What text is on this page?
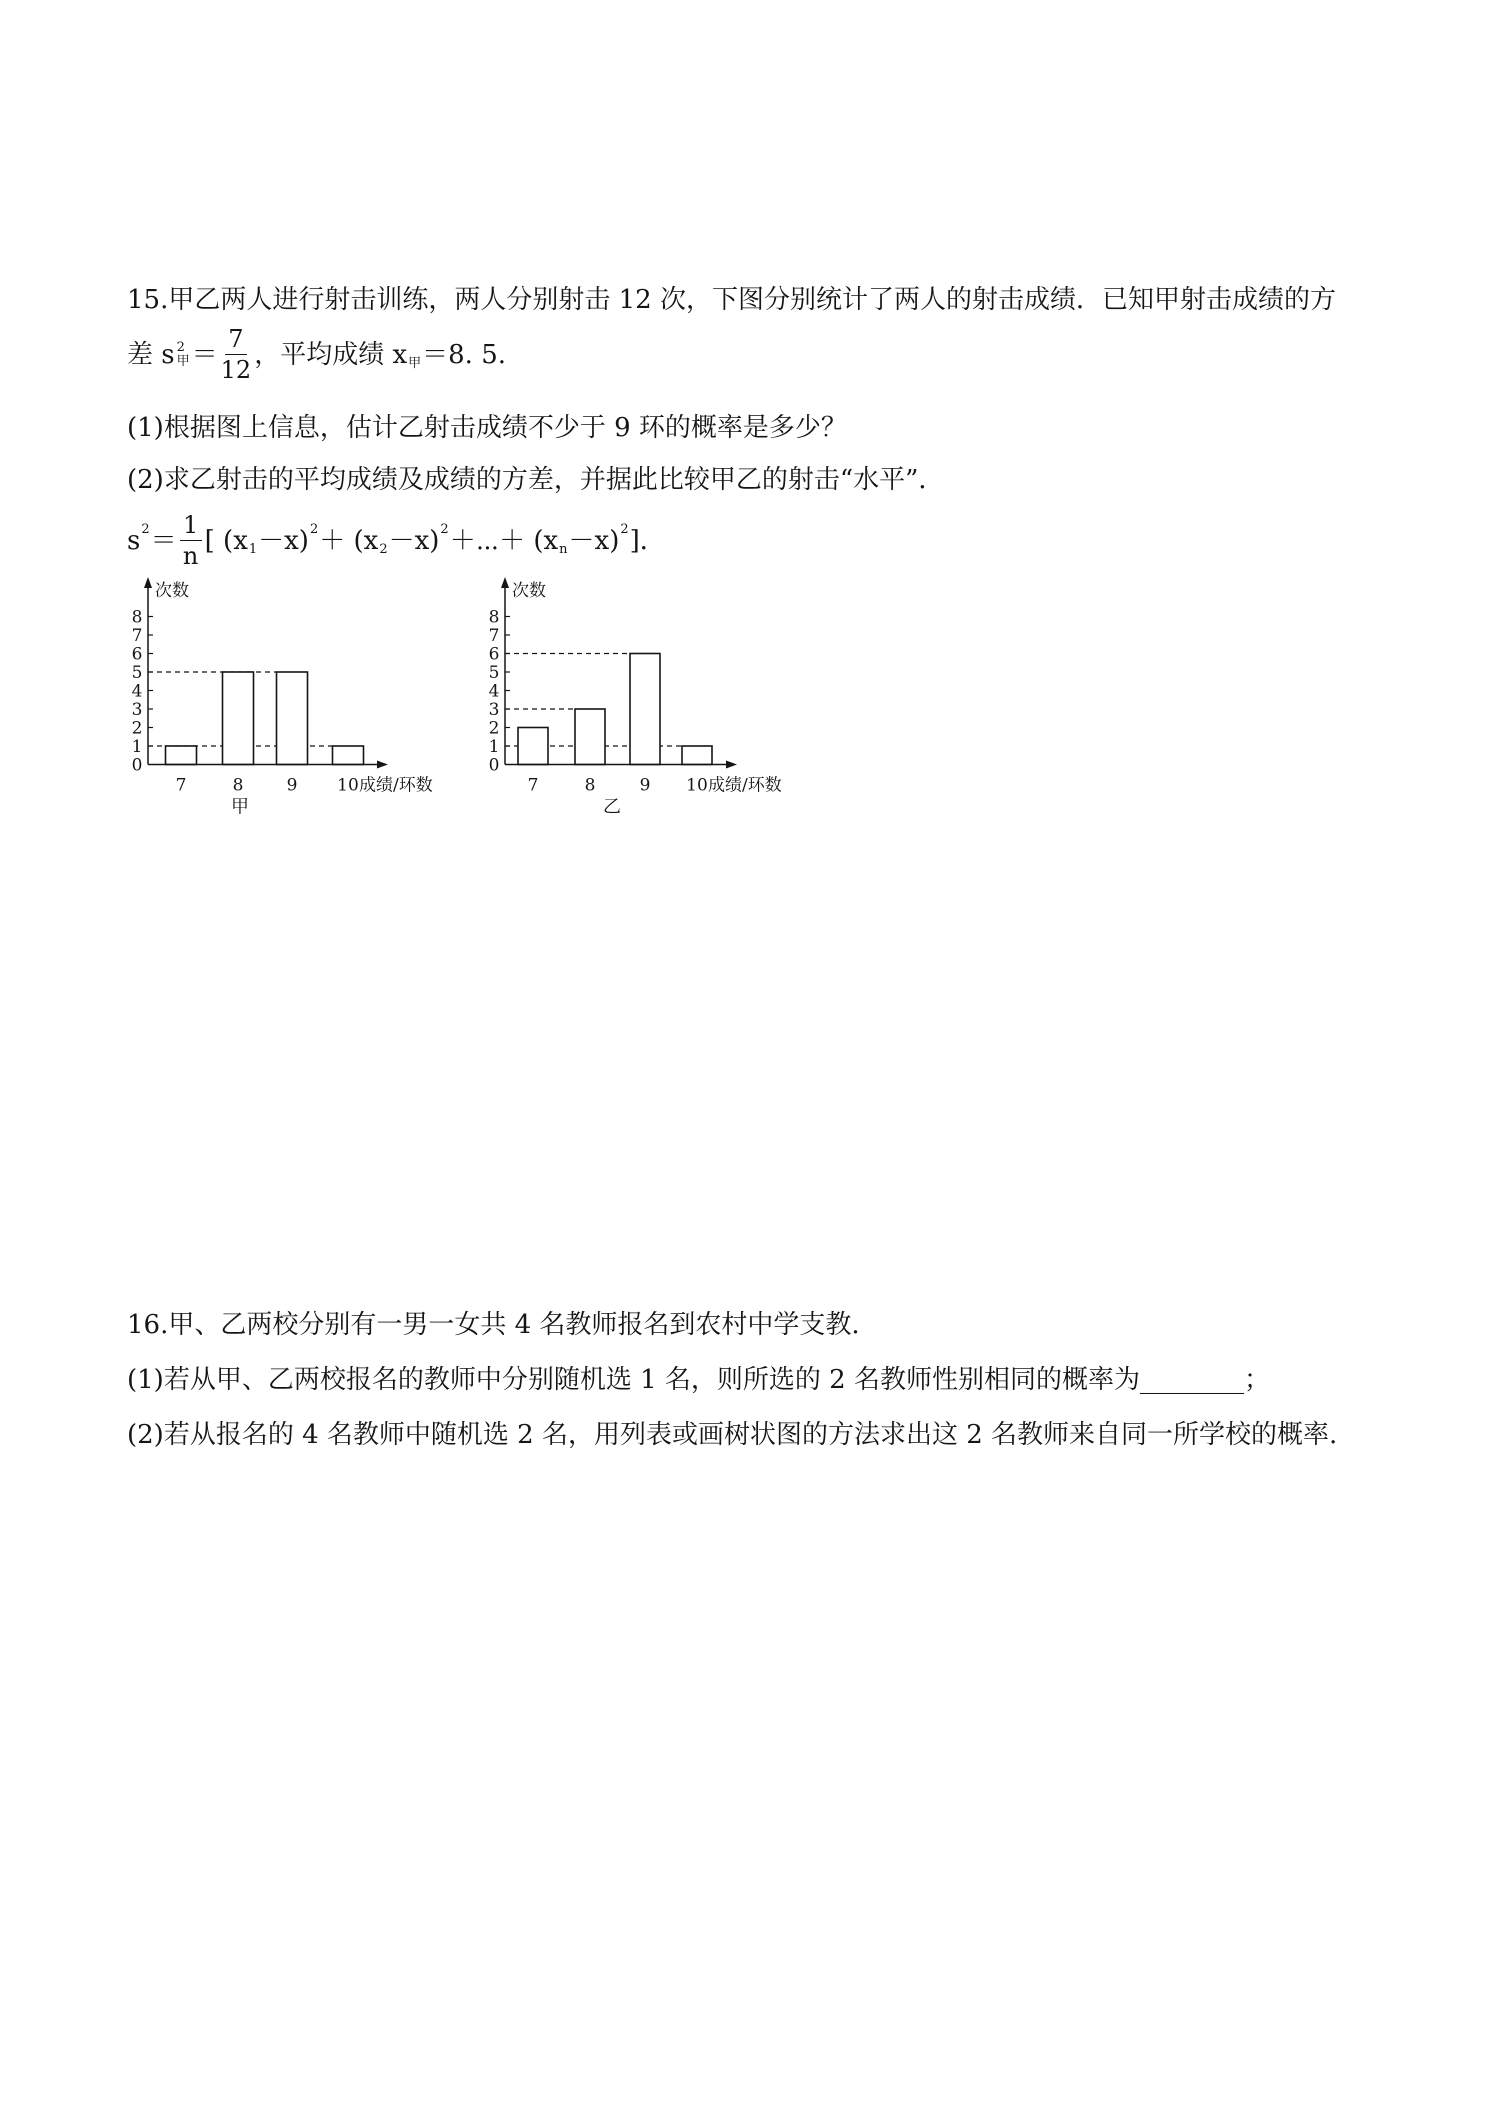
15.甲乙两人进行射击训练，两人分别射击 12 次，下图分别统计了两人的射击成绩．已知甲射击成绩的方
差 s 2
甲 ＝ $\frac{7}{12}$ ，平均成绩 x 甲 ＝8. 5.
(1)根据图上信息，估计乙射击成绩不少于 9 环的概率是多少？
(2)求乙射击的平均成绩及成绩的方差，并据此比较甲乙的射击“水平”．
s $2 = \frac{1}{n}$ [ (x 1 －x) 2 ＋ (x 2 －x) 2 ＋⋯＋ (x n －x) 2 ]．
0
1
2
3
4
5
6
7
8
7	8	9 10 成绩/环数
次数
甲
0
1
2
3
4
5
6
7
8
7	8	9 10 成绩/环数
次数
乙
16.甲、乙两校分别有一男一女共 4 名教师报名到农村中学支教.
(1)若从甲、乙两校报名的教师中分别随机选 1 名，则所选的 2 名教师性别相同的概率为________；
(2)若从报名的 4 名教师中随机选 2 名，用列表或画树状图的方法求出这 2 名教师来自同一所学校的概率.
